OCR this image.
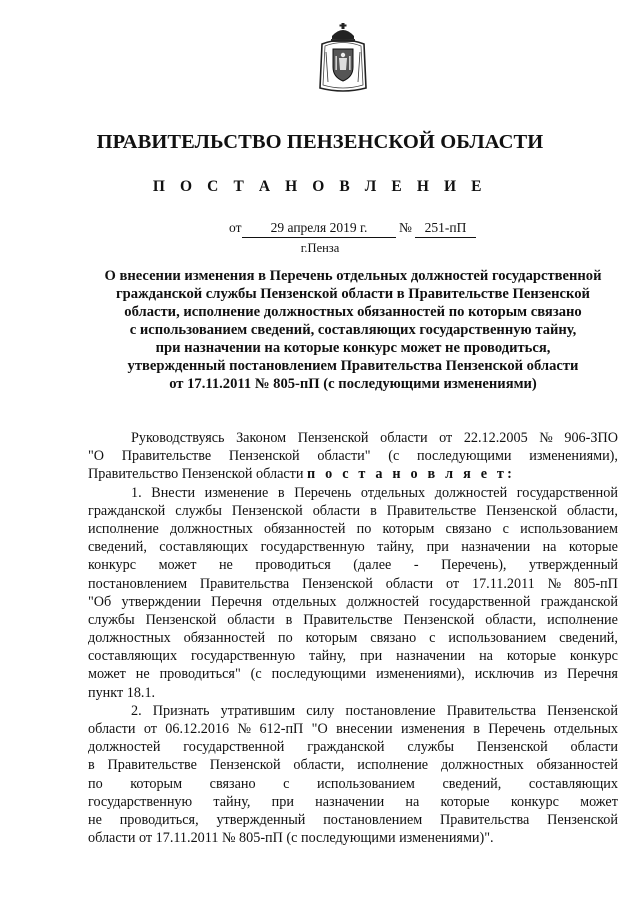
ПРАВИТЕЛЬСТВО ПЕНЗЕНСКОЙ ОБЛАСТИ
П О С Т А Н О В Л Е Н И Е
от	29 апреля 2019 г.	№ 251-пП
г.Пенза
О внесении изменения в Перечень отдельных должностей государственной
гражданской службы Пензенской области в Правительстве Пензенской
области, исполнение должностных обязанностей по которым связано
с использованием сведений, составляющих государственную тайну,
при назначении на которые конкурс может не проводиться,
утвержденный постановлением Правительства Пензенской области
от 17.11.2011 № 805-пП (с последующими изменениями)
Руководствуясь Законом Пензенской области от 22.12.2005 № 906-ЗПО
"О Правительстве Пензенской области" (с последующими изменениями),
Правительство Пензенской области
п о с т а н о в л я е т:
1. Внести изменение в Перечень отдельных должностей государственной
гражданской службы Пензенской области в Правительстве Пензенской области,
исполнение должностных обязанностей по которым связано с использованием
сведений, составляющих государственную тайну, при назначении на которые
конкурс может не проводиться (далее - Перечень), утвержденный
постановлением Правительства Пензенской области от 17.11.2011 № 805-пП
"Об утверждении Перечня отдельных должностей государственной гражданской
службы Пензенской области в Правительстве Пензенской области, исполнение
должностных обязанностей по которым связано с использованием сведений,
составляющих государственную тайну, при назначении на которые конкурс
может не проводиться" (с последующими изменениями), исключив из Перечня
пункт 18.1.
2. Признать утратившим силу постановление Правительства Пензенской
области от 06.12.2016 № 612-пП "О внесении изменения в Перечень отдельных
должностей государственной гражданской службы Пензенской области
в Правительстве Пензенской области, исполнение должностных обязанностей
по которым связано с использованием сведений, составляющих
государственную тайну, при назначении на которые конкурс может
не проводиться, утвержденный постановлением Правительства Пензенской
области от 17.11.2011 № 805-пП (с последующими изменениями)".
